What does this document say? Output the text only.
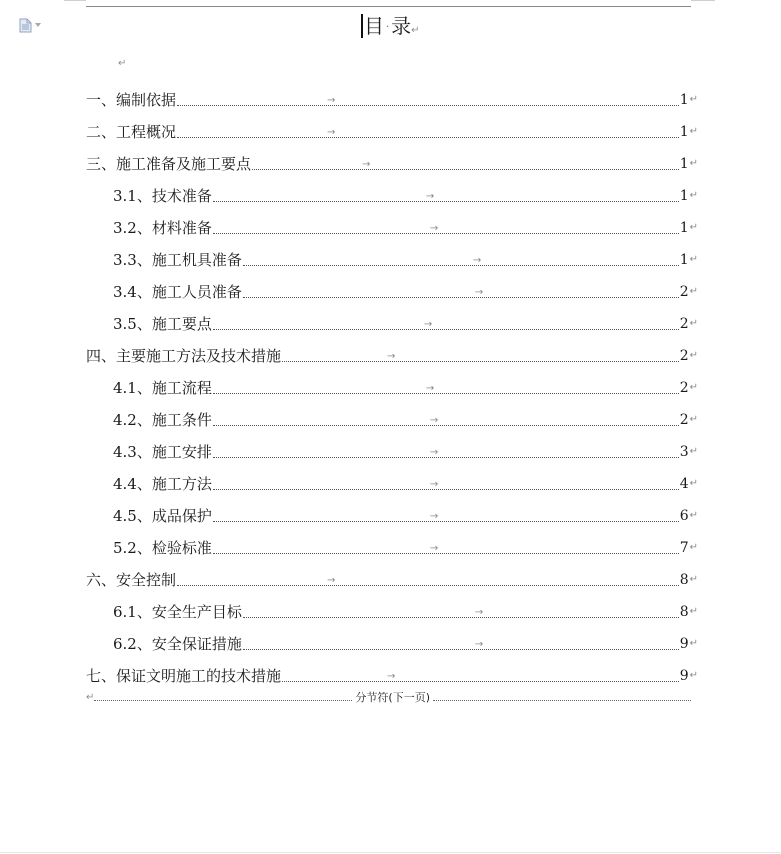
目 · 录↵
↵
一、编制依据	→	1 ↵
二、工程概况	→	1 ↵
三、施工准备及施工要点	→	1 ↵
3.1、技术准备	→	1 ↵
3.2、材料准备	→	1 ↵
3.3、施工机具准备	→	1 ↵
3.4、施工人员准备	→	2 ↵
3.5、施工要点	→	2 ↵
四、主要施工方法及技术措施	→	2 ↵
4.1、施工流程	→	2 ↵
4.2、施工条件	→	2 ↵
4.3、施工安排	→	3 ↵
4.4、施工方法	→	4 ↵
4.5、成品保护	→	6 ↵
5.2、检验标准	→	7 ↵
六、安全控制	→	8 ↵
6.1、安全生产目标	→	8 ↵
6.2、安全保证措施	→	9 ↵
七、保证文明施工的技术措施	→	9 ↵
↵	分节符(下一页)
